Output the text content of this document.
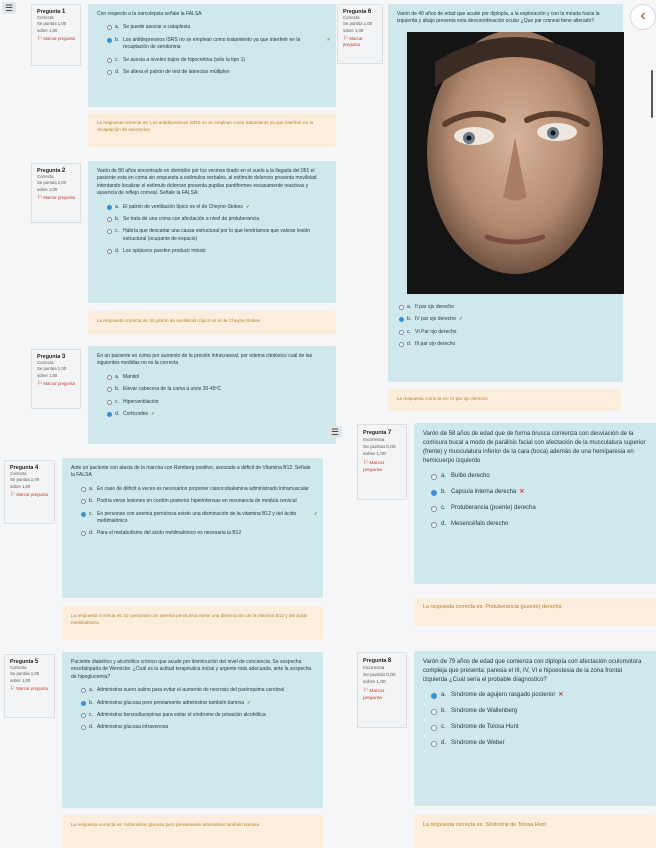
☰	Pregunta 1
Correcta
Se puntúa 1,00 sobre 1,00
⚐Marcar pregunta
Con respecto a la narcolepsia señale la FALSA
a. Se puede asociar a cataplexia
b. Los antidepresivos ISRS no se emplean como tratamiento ya que interferir en la recaptación de serotonina
✓
c. Se asocia a niveles bajos de hipocretina (solo la tipo 1)
d. Se altera el patrón de test de latencias múltiples
La respuesta correcta es: Los antidepresivos ISRS no se emplean como tratamiento ya que interferir en la recaptación de serotonina
Pregunta 2
Correcta
Se puntúa 1,00 sobre 1,00
⚐Marcar pregunta
Varón de 80 años encontrado en domicilio por los vecinos tirado en el suelo a la llegada del 061 el paciente esta en coma sin respuesta a estímulos verbales, al estímulo doloroso presenta movilidad intentando localizar el estímulo doloroso presenta pupilas puntiformes escasamente reactivas y ausencia de reflejo corneal. Señale la FALSA:
a. El patrón de ventilación típico es el de Cheyne-Stokes ✓
b. Se trata de una coma con afectación a nivel de protuberancia
c. Habría que descartar una causa estructural por lo que tendríamos que valorar lesión estructural (ocupante de espacio)
d. Los opiáceos pueden producir miosis
La respuesta correcta es: El patrón de ventilación típico es el de Cheyne-Stokes
Pregunta 3
Correcta
Se puntúa 1,00 sobre 1,00
⚐Marcar pregunta
En un paciente en coma por aumento de la presión intracraneal, por edema citotóxico cuál de las siguientes medidas no es la correcta
a. Manitol
b. Elevar cabecera de la cama a unos 30-45ºC
c. Hiperventilación
d. Corticoides ✓
☰
Pregunta 4
Correcta
Se puntúa 1,00 sobre 1,00
⚐Marcar pregunta
Ante un paciente con ataxia de la marcha con Romberg positivo, asociado a déficit de Vitamina B12. Señale la FALSA
a. En caso de déficit a veces es necesarios proponer cianocobalamina administrado intramuscular
b. Podría verse lesiones en cordón posterior hiperintensas en resonancia de medula cervical
c. En personas con anemia perniciosa existe una disminución de la vitamina B12 y del ácido metilmalónico
✓
d. Para el metabolismo del ácido metilmalónico es necesaria la B12
La respuesta correcta es: En personas con anemia perniciosa existe una disminución de la vitamina B12 y del ácido metilmalónico
Pregunta 5
Correcta
Se puntúa 1,00 sobre 1,00
⚐Marcar pregunta
Paciente diabético y alcohólico crónico que acude por disminución del nivel de conciencia. Se sospecha encefalopatía de Wernicke. ¿Cuál es la actitud terapéutica inicial y urgente más adecuada, ante la sospecha de hipoglucemia?
a. Administrar suero salino para evitar el aumento de necrosis del parénquima cerebral
b. Administrar glucosa pero previamente administrar también tiamina ✓
c. Administrar benzodiacepinas para evitar el síndrome de privación alcohólica
d. Administrar glucosa intravenosa
La respuesta correcta es: Administrar glucosa pero previamente administrar también tiamina
Pregunta 6
Correcta
Se puntúa 1,00 sobre 1,00
⚐Marcar pregunta
Varón de 40 años de edad que acude por diplopía, a la exploración y con la mirada hacia la izquierda y abajo presenta esta descoordinación ocular ¿Que par craneal tiene alterado?
a. II par ojo derecho
b. IV par ojo derecho ✓
c. VI Par ojo derecho
d. III par ojo derecho
La respuesta correcta es: IV par ojo derecho
‹
Pregunta 7
Incorrecta
Se puntúa 0,00 sobre 1,00
⚐Marcar pregunta
Varón de 58 años de edad que de forma brusca comienza con desviación de la comisura bucal a modo de parálisis facial con afectación de la musculatura superior (frente) y musculatura inferior de la cara (boca) además de una hemiparesia en hemicuerpo izquierdo
a. Bulbo derecho
b. Capsula interna derecha ✕
c. Protuberancia (puente) derecha
d. Mesencéfalo derecho
La respuesta correcta es: Protuberancia (puente) derecha
Pregunta 8
Incorrecta
Se puntúa 0,00 sobre 1,00
⚐Marcar pregunta
Varón de 79 años de edad que comienza con diplopía con afectación oculomotora compleja que presenta: paresia el III, IV, VI e hipoestesia de la zona frontal izquierda ¿Cuál sería el probable diagnostico?
a. Síndrome de agujero rasgado posterior ✕
b. Síndrome de Wallenberg
c. Síndrome de Tolosa Hunt
d. Síndrome de Weber
La respuesta correcta es: Síndrome de Tolosa Hunt
